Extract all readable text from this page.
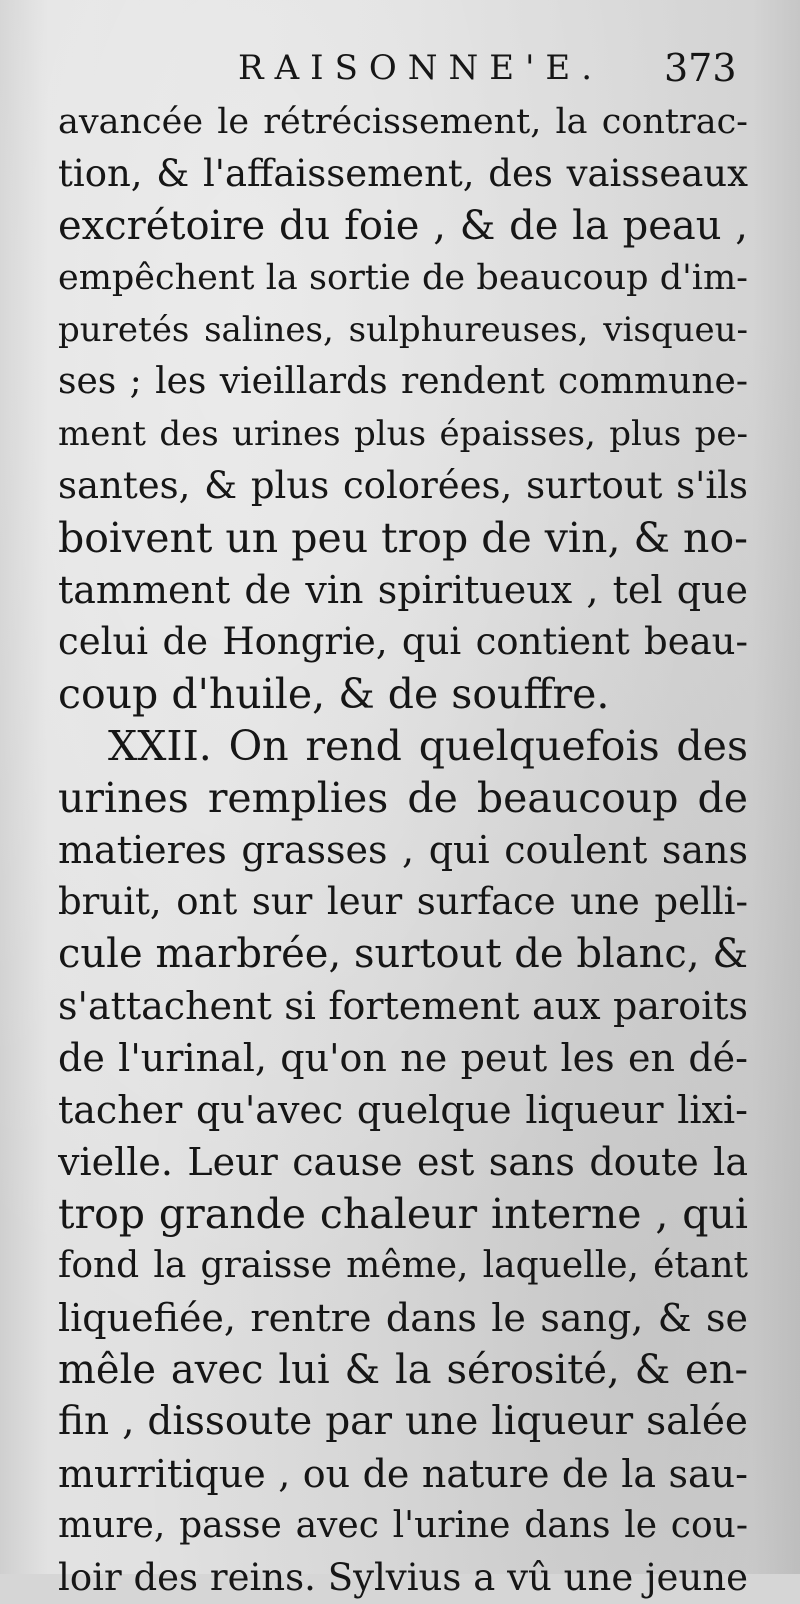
RAISONNE'E. 373
avancée le rétrécissement, la contrac-
tion, & l'affaissement, des vaisseaux
excrétoire du foie , & de la peau ,
empêchent la sortie de beaucoup d'im-
puretés salines, sulphureuses, visqueu-
ses ; les vieillards rendent commune-
ment des urines plus épaisses, plus pe-
santes, & plus colorées, surtout s'ils
boivent un peu trop de vin, & no-
tamment de vin spiritueux , tel que
celui de Hongrie, qui contient beau-
coup d'huile, & de souffre.
XXII. On rend quelquefois des
urines remplies de beaucoup de
matieres grasses , qui coulent sans
bruit, ont sur leur surface une pelli-
cule marbrée, surtout de blanc, &
s'attachent si fortement aux paroits
de l'urinal, qu'on ne peut les en dé-
tacher qu'avec quelque liqueur lixi-
vielle. Leur cause est sans doute la
trop grande chaleur interne , qui
fond la graisse même, laquelle, étant
liquefiée, rentre dans le sang, & se
mêle avec lui & la sérosité, & en-
fin , dissoute par une liqueur salée
murritique , ou de nature de la sau-
mure, passe avec l'urine dans le cou-
loir des reins. Sylvius a vû une jeune
